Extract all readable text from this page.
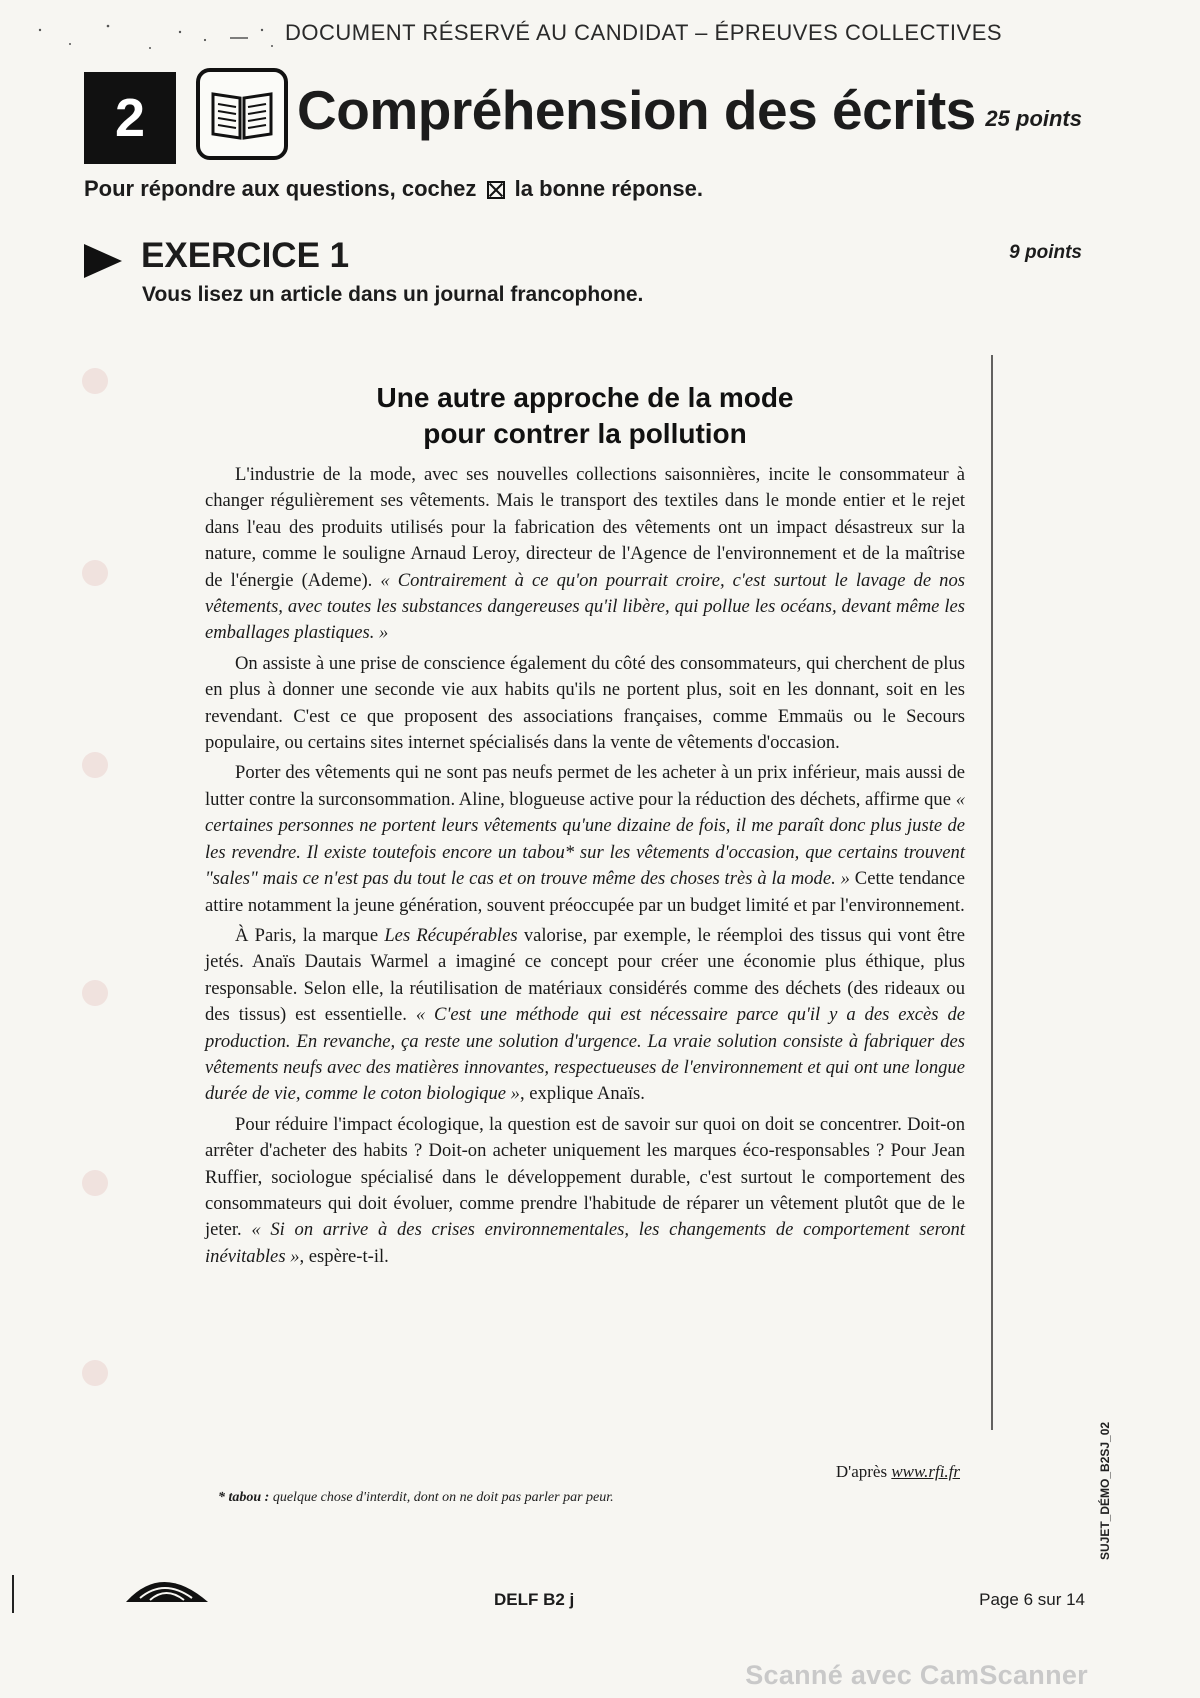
DOCUMENT RÉSERVÉ AU CANDIDAT – ÉPREUVES COLLECTIVES
2	Compréhension des écrits 25 points
Pour répondre aux questions, cochez la bonne réponse.
EXERCICE 1	9 points
Vous lisez un article dans un journal francophone.
Une autre approche de la mode
pour contrer la pollution

L'industrie de la mode, avec ses nouvelles collections saisonnières, incite le consommateur à changer régulièrement ses vêtements. Mais le transport des textiles dans le monde entier et le rejet dans l'eau des produits utilisés pour la fabrication des vêtements ont un impact désastreux sur la nature, comme le souligne Arnaud Leroy, directeur de l'Agence de l'environnement et de la maîtrise de l'énergie (Ademe). « Contrairement à ce qu'on pourrait croire, c'est surtout le lavage de nos vêtements, avec toutes les substances dangereuses qu'il libère, qui pollue les océans, devant même les emballages plastiques. »

On assiste à une prise de conscience également du côté des consommateurs, qui cherchent de plus en plus à donner une seconde vie aux habits qu'ils ne portent plus, soit en les donnant, soit en les revendant. C'est ce que proposent des associations françaises, comme Emmaüs ou le Secours populaire, ou certains sites internet spécialisés dans la vente de vêtements d'occasion.

Porter des vêtements qui ne sont pas neufs permet de les acheter à un prix inférieur, mais aussi de lutter contre la surconsommation. Aline, blogueuse active pour la réduction des déchets, affirme que « certaines personnes ne portent leurs vêtements qu'une dizaine de fois, il me paraît donc plus juste de les revendre. Il existe toutefois encore un tabou* sur les vêtements d'occasion, que certains trouvent "sales" mais ce n'est pas du tout le cas et on trouve même des choses très à la mode. » Cette tendance attire notamment la jeune génération, souvent préoccupée par un budget limité et par l'environnement.

À Paris, la marque Les Récupérables valorise, par exemple, le réemploi des tissus qui vont être jetés. Anaïs Dautais Warmel a imaginé ce concept pour créer une économie plus éthique, plus responsable. Selon elle, la réutilisation de matériaux considérés comme des déchets (des rideaux ou des tissus) est essentielle. « C'est une méthode qui est nécessaire parce qu'il y a des excès de production. En revanche, ça reste une solution d'urgence. La vraie solution consiste à fabriquer des vêtements neufs avec des matières innovantes, respectueuses de l'environnement et qui ont une longue durée de vie, comme le coton biologique », explique Anaïs.

Pour réduire l'impact écologique, la question est de savoir sur quoi on doit se concentrer. Doit-on arrêter d'acheter des habits ? Doit-on acheter uniquement les marques éco-responsables ? Pour Jean Ruffier, sociologue spécialisé dans le développement durable, c'est surtout le comportement des consommateurs qui doit évoluer, comme prendre l'habitude de réparer un vêtement plutôt que de le jeter. « Si on arrive à des crises environnementales, les changements de comportement seront inévitables », espère-t-il.

D'après www.rfi.fr
* tabou : quelque chose d'interdit, dont on ne doit pas parler par peur.	SUJET_DÉMO_B2SJ_02
DELF B2 j	Page 6 sur 14
Scanné avec CamScanner
